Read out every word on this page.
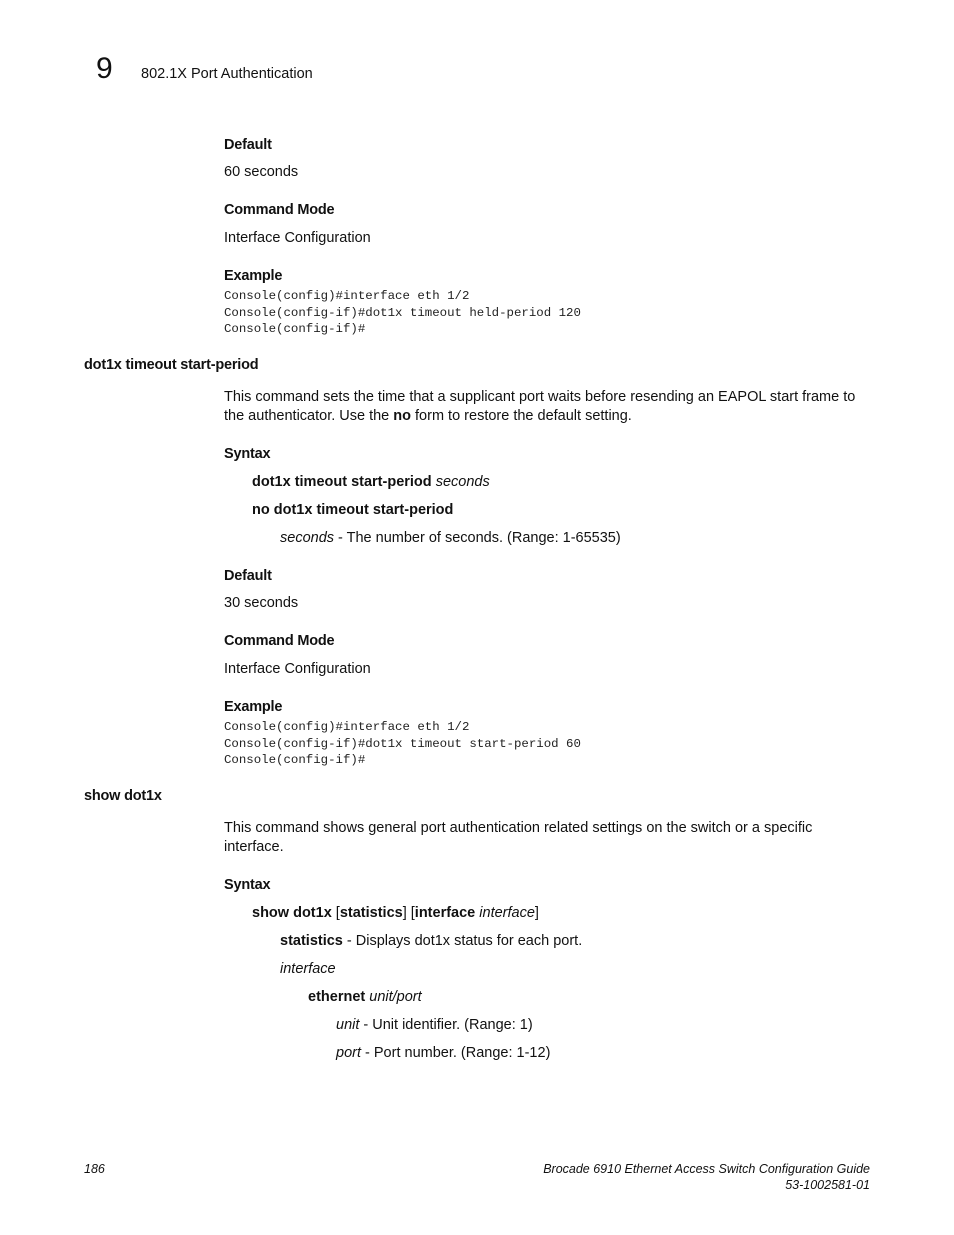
9 802.1X Port Authentication
Default
60 seconds
Command Mode
Interface Configuration
Example
Console(config)#interface eth 1/2
Console(config-if)#dot1x timeout held-period 120
Console(config-if)#
dot1x timeout start-period
This command sets the time that a supplicant port waits before resending an EAPOL start frame to
the authenticator. Use the no form to restore the default setting.
Syntax
dot1x timeout start-period seconds
no dot1x timeout start-period
seconds - The number of seconds. (Range: 1-65535)
Default
30 seconds
Command Mode
Interface Configuration
Example
Console(config)#interface eth 1/2
Console(config-if)#dot1x timeout start-period 60
Console(config-if)#
show dot1x
This command shows general port authentication related settings on the switch or a specific
interface.
Syntax
show dot1x [statistics] [interface interface]
statistics - Displays dot1x status for each port.
interface
ethernet unit/port
unit - Unit identifier. (Range: 1)
port - Port number. (Range: 1-12)
186	Brocade 6910 Ethernet Access Switch Configuration Guide
53-1002581-01
